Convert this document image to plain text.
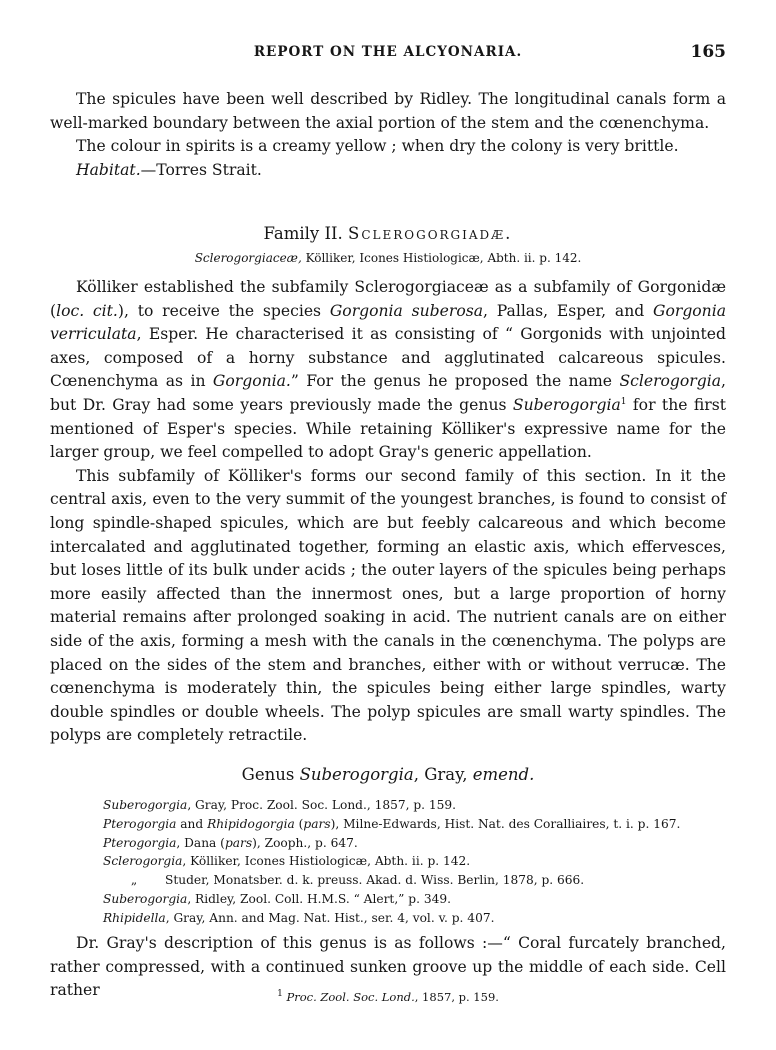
REPORT ON THE ALCYONARIA.	165

The spicules have been well described by Ridley. The longitudinal canals form a well-marked boundary between the axial portion of the stem and the cœnenchyma.

The colour in spirits is a creamy yellow ; when dry the colony is very brittle.

Habitat.—Torres Strait.

Family II. Sclerogorgiadæ.
Sclerogorgiaceæ, Kölliker, Icones Histiologicæ, Abth. ii. p. 142.

Kölliker established the subfamily Sclerogorgiaceæ as a subfamily of Gorgonidæ (loc. cit.), to receive the species Gorgonia suberosa, Pallas, Esper, and Gorgonia verriculata, Esper. He characterised it as consisting of “ Gorgonids with unjointed axes, composed of a horny substance and agglutinated calcareous spicules. Cœnenchyma as in Gorgonia.” For the genus he proposed the name Sclerogorgia, but Dr. Gray had some years previously made the genus Suberogorgia$^1$ for the first mentioned of Esper's species. While retaining Kölliker's expressive name for the larger group, we feel compelled to adopt Gray's generic appellation.

This subfamily of Kölliker's forms our second family of this section. In it the central axis, even to the very summit of the youngest branches, is found to consist of long spindle-shaped spicules, which are but feebly calcareous and which become intercalated and agglutinated together, forming an elastic axis, which effervesces, but loses little of its bulk under acids ; the outer layers of the spicules being perhaps more easily affected than the innermost ones, but a large proportion of horny material remains after prolonged soaking in acid. The nutrient canals are on either side of the axis, forming a mesh with the canals in the cœnenchyma. The polyps are placed on the sides of the stem and branches, either with or without verrucæ. The cœnenchyma is moderately thin, the spicules being either large spindles, warty double spindles or double wheels. The polyp spicules are small warty spindles. The polyps are completely retractile.

Genus Suberogorgia, Gray, emend.

Suberogorgia, Gray, Proc. Zool. Soc. Lond., 1857, p. 159.

Pterogorgia and Rhipidogorgia (pars), Milne-Edwards, Hist. Nat. des Coralliaires, t. i. p. 167.

Pterogorgia, Dana (pars), Zooph., p. 647.

Sclerogorgia, Kölliker, Icones Histiologicæ, Abth. ii. p. 142.

„ Studer, Monatsber. d. k. preuss. Akad. d. Wiss. Berlin, 1878, p. 666.

Suberogorgia, Ridley, Zool. Coll. H.M.S. “ Alert,” p. 349.

Rhipidella, Gray, Ann. and Mag. Nat. Hist., ser. 4, vol. v. p. 407.

Dr. Gray's description of this genus is as follows :—“ Coral furcately branched, rather compressed, with a continued sunken groove up the middle of each side. Cell rather	$^1$ Proc. Zool. Soc. Lond., 1857, p. 159.
